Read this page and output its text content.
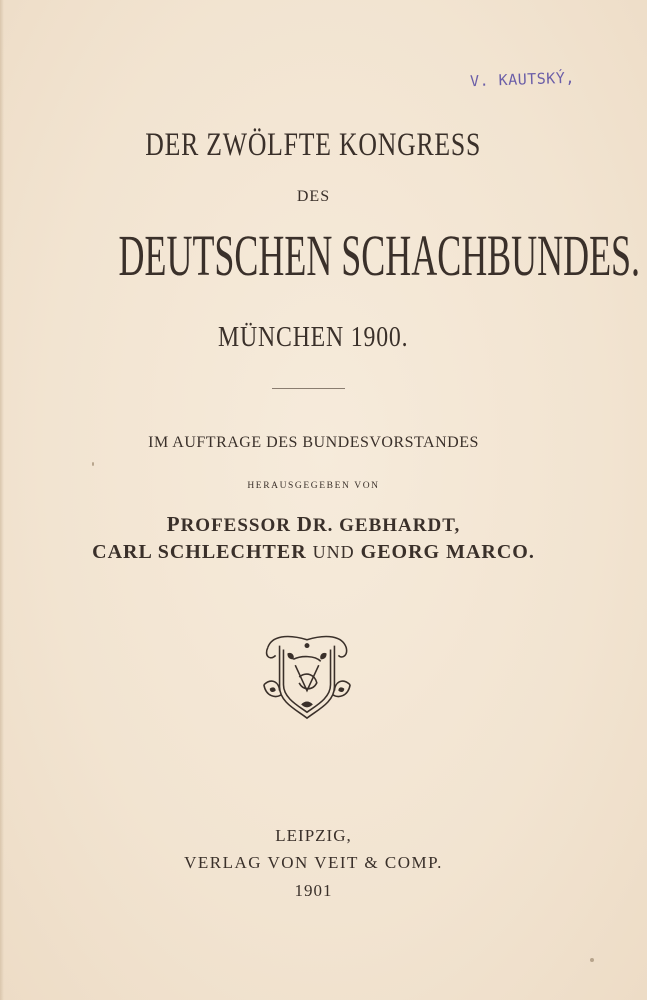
V. KAUTSKÝ,
DER ZWÖLFTE KONGRESS
DES
DEUTSCHEN SCHACHBUNDES.
MÜNCHEN 1900.
IM AUFTRAGE DES BUNDESVORSTANDES
HERAUSGEGEBEN VON
PROFESSOR DR. GEBHARDT,
CARL SCHLECHTER UND GEORG MARCO.
LEIPZIG,
VERLAG VON VEIT & COMP.
1901
